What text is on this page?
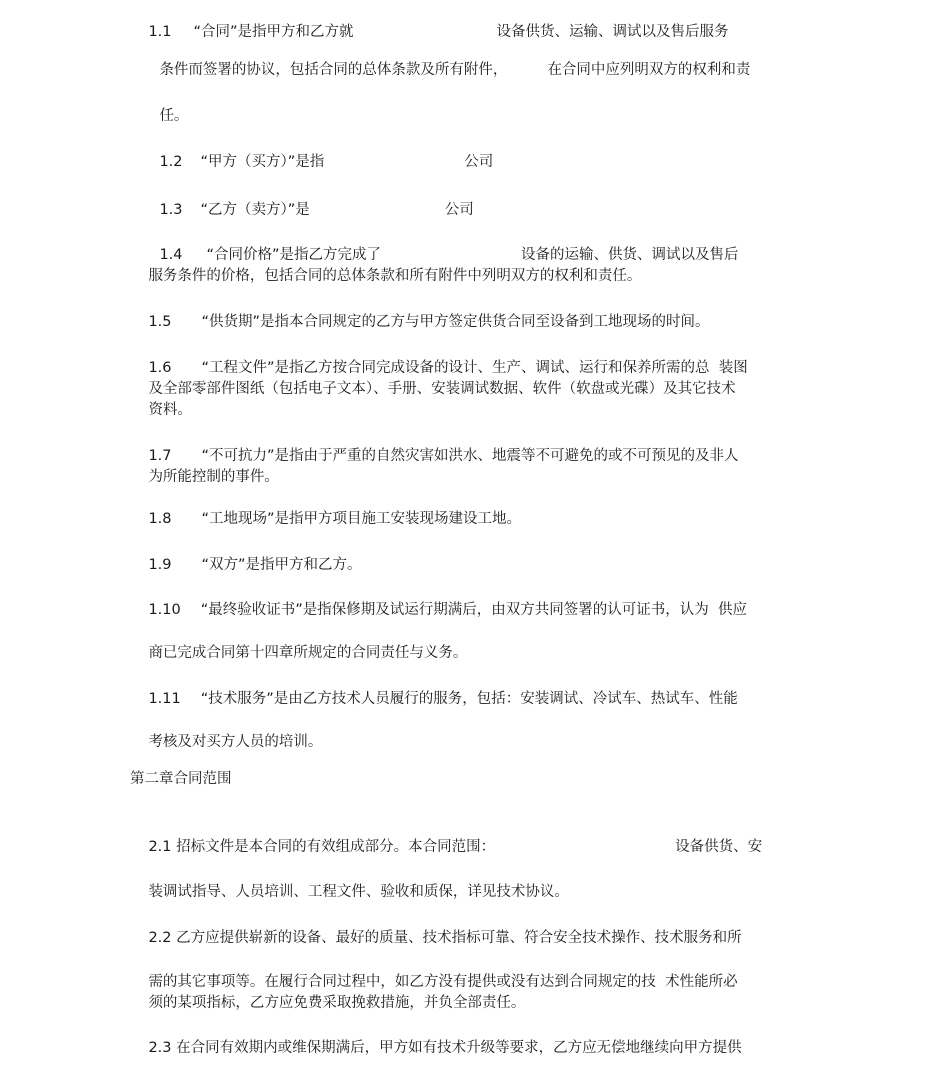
1.1 “合同”是指甲方和乙方就	设备供货、运输、调试以及售后服务

条件而签署的协议，包括合同的总体条款及所有附件，	在合同中应列明双方的权利和责

任。

1.2 “甲方（买方）”是指	公司

1.3 “乙方（卖方）”是	公司

1.4 “合同价格”是指乙方完成了	设备的运输、供货、调试以及售后

服务条件的价格，包括合同的总体条款和所有附件中列明双方的权利和责任。

1.5 “供货期”是指本合同规定的乙方与甲方签定供货合同至设备到工地现场的时间。

1.6 “工程文件”是指乙方按合同完成设备的设计、生产、调试、运行和保养所需的总  装图

及全部零部件图纸（包括电子文本）、手册、安装调试数据、软件（软盘或光碟）及其它技术

资料。

1.7 “不可抗力”是指由于严重的自然灾害如洪水、地震等不可避免的或不可预见的及非人

为所能控制的事件。

1.8 “工地现场”是指甲方项目施工安装现场建设工地。

1.9 “双方”是指甲方和乙方。

1.10 “最终验收证书”是指保修期及试运行期满后，由双方共同签署的认可证书，认为  供应

商已完成合同第十四章所规定的合同责任与义务。

1.11 “技术服务”是由乙方技术人员履行的服务，包括：安装调试、冷试车、热试车、性能

考核及对买方人员的培训。

第二章合同范围

2.1 招标文件是本合同的有效组成部分。本合同范围：	设备供货、安

装调试指导、人员培训、工程文件、验收和质保，详见技术协议。

2.2 乙方应提供崭新的设备、最好的质量、技术指标可靠、符合安全技术操作、技术服务和所

需的其它事项等。在履行合同过程中，如乙方没有提供或没有达到合同规定的技  术性能所必

须的某项指标，乙方应免费采取挽救措施，并负全部责任。

2.3 在合同有效期内或维保期满后，甲方如有技术升级等要求，乙方应无偿地继续向甲方提供
